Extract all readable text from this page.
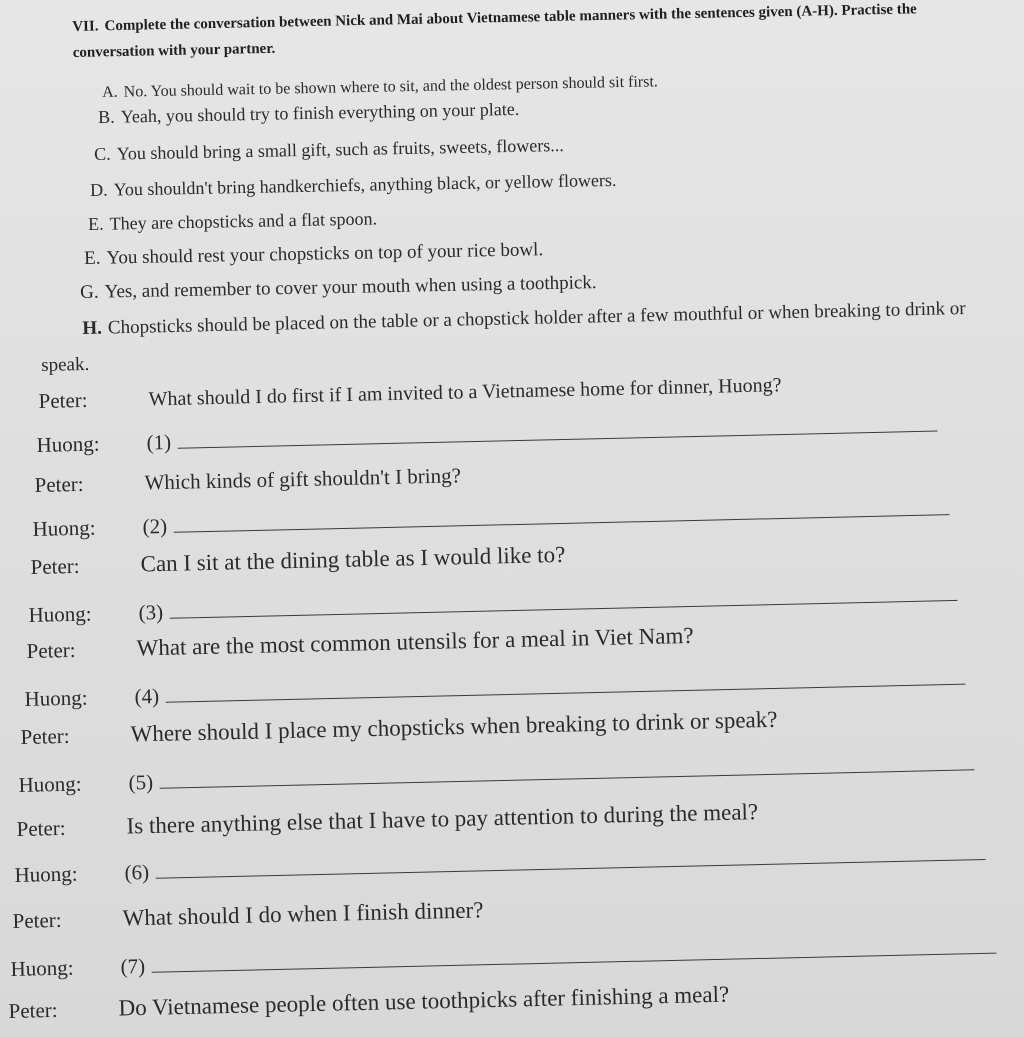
VII. Complete the conversation between Nick and Mai about Vietnamese table manners with the sentences given (A-H). Practise the conversation with your partner.
A. No. You should wait to be shown where to sit, and the oldest person should sit first.
B. Yeah, you should try to finish everything on your plate.
C. You should bring a small gift, such as fruits, sweets, flowers...
D. You shouldn't bring handkerchiefs, anything black, or yellow flowers.
E. They are chopsticks and a flat spoon.
E. You should rest your chopsticks on top of your rice bowl.
G. Yes, and remember to cover your mouth when using a toothpick.
H. Chopsticks should be placed on the table or a chopstick holder after a few mouthful or when breaking to drink or speak.
Peter:	What should I do first if I am invited to a Vietnamese home for dinner, Huong?
Huong:	(1)
Peter:	Which kinds of gift shouldn't I bring?
Huong:	(2)
Peter:	Can I sit at the dining table as I would like to?
Huong:	(3)
Peter:	What are the most common utensils for a meal in Viet Nam?
Huong:	(4)
Peter:	Where should I place my chopsticks when breaking to drink or speak?
Huong:	(5)
Peter:	Is there anything else that I have to pay attention to during the meal?
Huong:	(6)
Peter:	What should I do when I finish dinner?
Huong:	(7)
Peter:	Do Vietnamese people often use toothpicks after finishing a meal?
